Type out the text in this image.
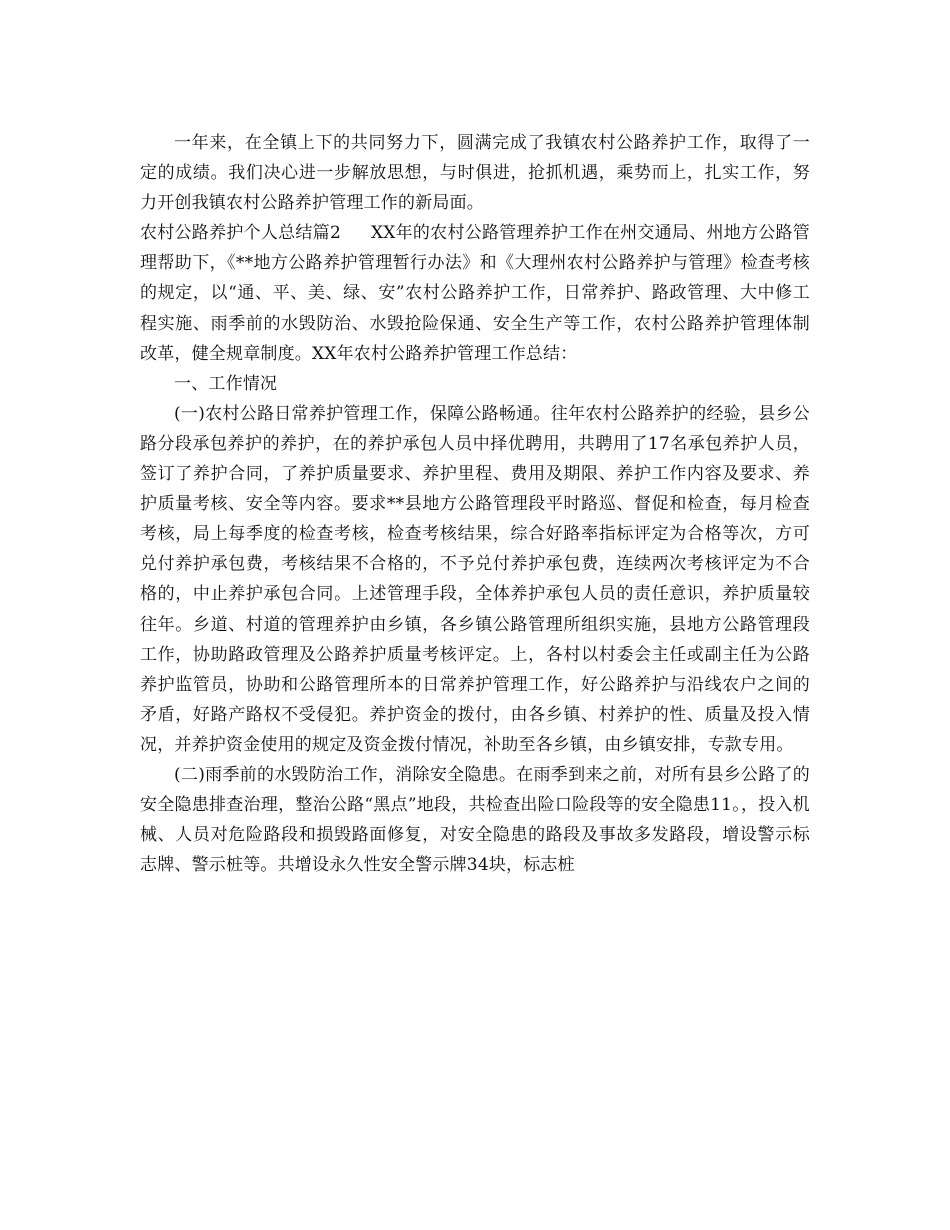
一年来，在全镇上下的共同努力下，圆满完成了我镇农村公路养护工作，取得了一定的成绩。我们决心进一步解放思想，与时俱进，抢抓机遇，乘势而上，扎实工作，努力开创我镇农村公路养护管理工作的新局面。

农村公路养护个人总结篇2 XX年的农村公路管理养护工作在州交通局、州地方公路管理帮助下，《**地方公路养护管理暂行办法》和《大理州农村公路养护与管理》检查考核的规定，以“通、平、美、绿、安”农村公路养护工作，日常养护、路政管理、大中修工程实施、雨季前的水毁防治、水毁抢险保通、安全生产等工作，农村公路养护管理体制改革，健全规章制度。XX年农村公路养护管理工作总结：

一、工作情况

(一)农村公路日常养护管理工作，保障公路畅通。往年农村公路养护的经验，县乡公路分段承包养护的养护，在的养护承包人员中择优聘用，共聘用了17名承包养护人员，签订了养护合同，了养护质量要求、养护里程、费用及期限、养护工作内容及要求、养护质量考核、安全等内容。要求**县地方公路管理段平时路巡、督促和检查，每月检查考核，局上每季度的检查考核，检查考核结果，综合好路率指标评定为合格等次，方可兑付养护承包费，考核结果不合格的，不予兑付养护承包费，连续两次考核评定为不合格的，中止养护承包合同。上述管理手段，全体养护承包人员的责任意识，养护质量较往年。乡道、村道的管理养护由乡镇，各乡镇公路管理所组织实施，县地方公路管理段工作，协助路政管理及公路养护质量考核评定。上，各村以村委会主任或副主任为公路养护监管员，协助和公路管理所本的日常养护管理工作，好公路养护与沿线农户之间的矛盾，好路产路权不受侵犯。养护资金的拨付，由各乡镇、村养护的性、质量及投入情况，并养护资金使用的规定及资金拨付情况，补助至各乡镇，由乡镇安排，专款专用。

(二)雨季前的水毁防治工作，消除安全隐患。在雨季到来之前，对所有县乡公路了的安全隐患排查治理，整治公路“黑点”地段，共检查出险口险段等的安全隐患11。，投入机械、人员对危险路段和损毁路面修复，对安全隐患的路段及事故多发路段，增设警示标志牌、警示桩等。共增设永久性安全警示牌34块，标志桩
